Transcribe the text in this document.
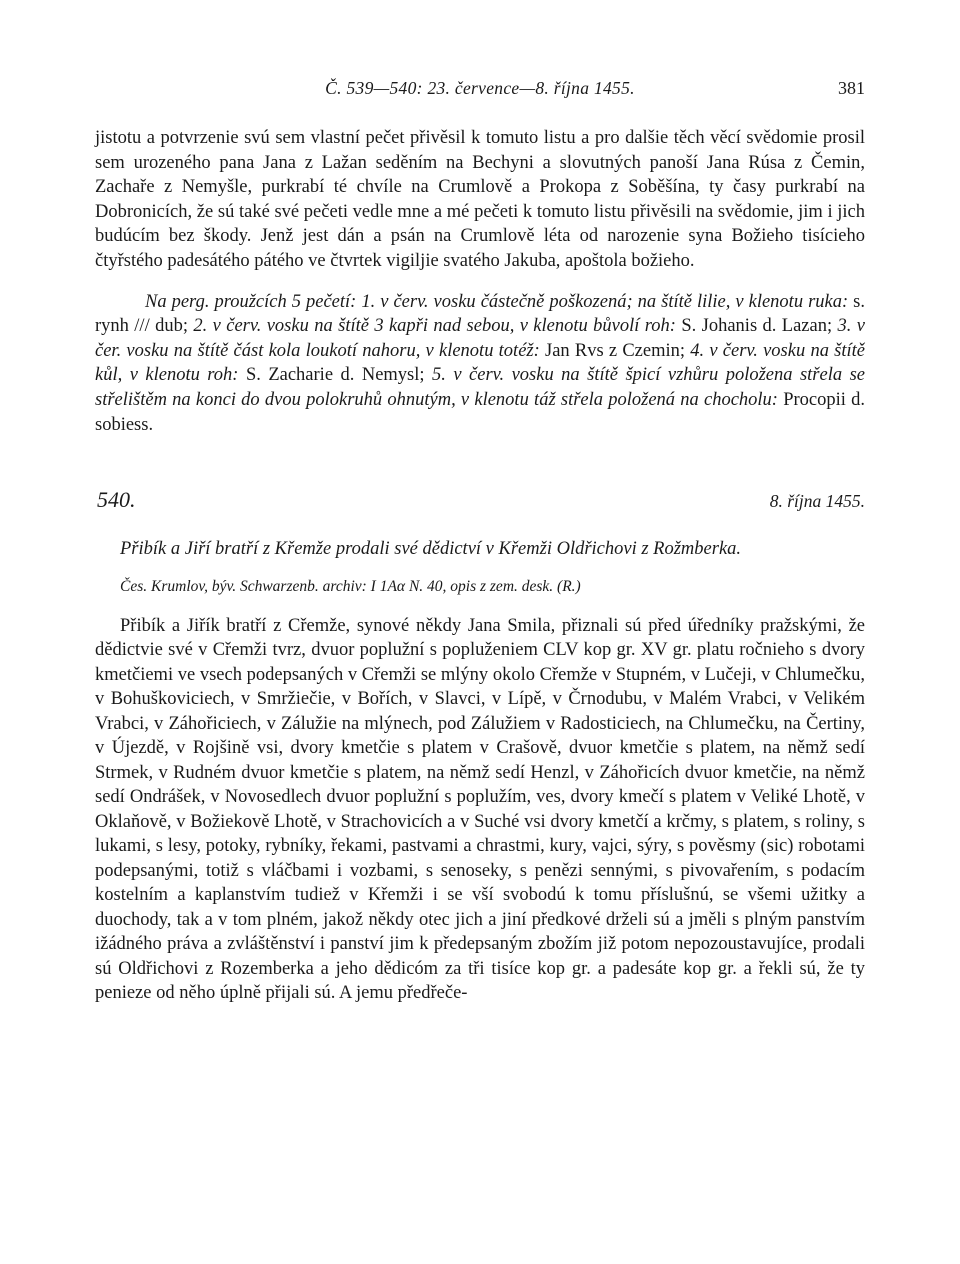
Č. 539—540: 23. července—8. října 1455.	381

jistotu a potvrzenie svú sem vlastní pečet přivěsil k tomuto listu a pro dalšie těch věcí svědomie prosil sem urozeného pana Jana z Lažan seděním na Bechyni a slovutných panoší Jana Rúsa z Čemin, Zachaře z Nemyšle, purkrabí té chvíle na Crumlově a Prokopa z Soběšína, ty časy purkrabí na Dobronicích, že sú také své pečeti vedle mne a mé pečeti k tomuto listu přivěsili na svědomie, jim i jich budúcím bez škody. Jenž jest dán a psán na Crumlově léta od narozenie syna Božieho tisícieho čtyřstého padesátého pátého ve čtvrtek vigiljie svatého Jakuba, apoštola božieho.

Na perg. proužcích 5 pečetí: 1. v červ. vosku částečně poškozená; na štítě lilie, v klenotu ruka: s. rynh /// dub; 2. v červ. vosku na štítě 3 kapři nad sebou, v klenotu bůvolí roh: S. Johanis d. Lazan; 3. v čer. vosku na štítě část kola loukotí nahoru, v klenotu totéž: Jan Rvs z Czemin; 4. v červ. vosku na štítě kůl, v klenotu roh: S. Zacharie d. Nemysl; 5. v červ. vosku na štítě špicí vzhůru položena střela se střelištěm na konci do dvou polokruhů ohnutým, v klenotu táž střela položená na chocholu: Procopii d. sobiess.

540.	8. října 1455.

Přibík a Jiří bratří z Křemže prodali své dědictví v Křemži Oldřichovi z Rožmberka.

Čes. Krumlov, býv. Schwarzenb. archiv: I 1Aα N. 40, opis z zem. desk. (R.)

Přibík a Jiřík bratří z Cřemže, synové někdy Jana Smila, přiznali sú před úředníky pražskými, že dědictvie své v Cřemži tvrz, dvuor poplužní s popluženiem CLV kop gr. XV gr. platu ročnieho s dvory kmetčiemi ve vsech podepsaných v Cřemži se mlýny okolo Cřemže v Stupném, v Lučeji, v Chlumečku, v Bohuškoviciech, v Smržiečie, v Bořích, v Slavci, v Lípě, v Črnodubu, v Malém Vrabci, v Velikém Vrabci, v Záhořiciech, v Zálužie na mlýnech, pod Zálužiem v Radosticiech, na Chlumečku, na Čertiny, v Újezdě, v Rojšině vsi, dvory kmetčie s platem v Crašově, dvuor kmetčie s platem, na němž sedí Strmek, v Rudném dvuor kmetčie s platem, na němž sedí Henzl, v Záhořicích dvuor kmetčie, na němž sedí Ondrášek, v Novosedlech dvuor poplužní s poplužím, ves, dvory kmečí s platem v Veliké Lhotě, v Oklaňově, v Božiekově Lhotě, v Strachovicích a v Suché vsi dvory kmetčí a krčmy, s platem, s roliny, s lukami, s lesy, potoky, rybníky, řekami, pastvami a chrastmi, kury, vajci, sýry, s pověsmy (sic) robotami podepsanými, totiž s vláčbami i vozbami, s senoseky, s penězi sennými, s pivovařením, s podacím kostelním a kaplanstvím tudiež v Křemži i se vší svobodú k tomu příslušnú, se všemi užitky a duochody, tak a v tom plném, jakož někdy otec jich a jiní předkové drželi sú a jměli s plným panstvím ižádného práva a zvláštěnství i panství jim k předepsaným zbožím již potom nepozoustavujíce, prodali sú Oldřichovi z Rozemberka a jeho dědicóm za tři tisíce kop gr. a padesáte kop gr. a řekli sú, že ty penieze od něho úplně přijali sú. A jemu předřeče-
